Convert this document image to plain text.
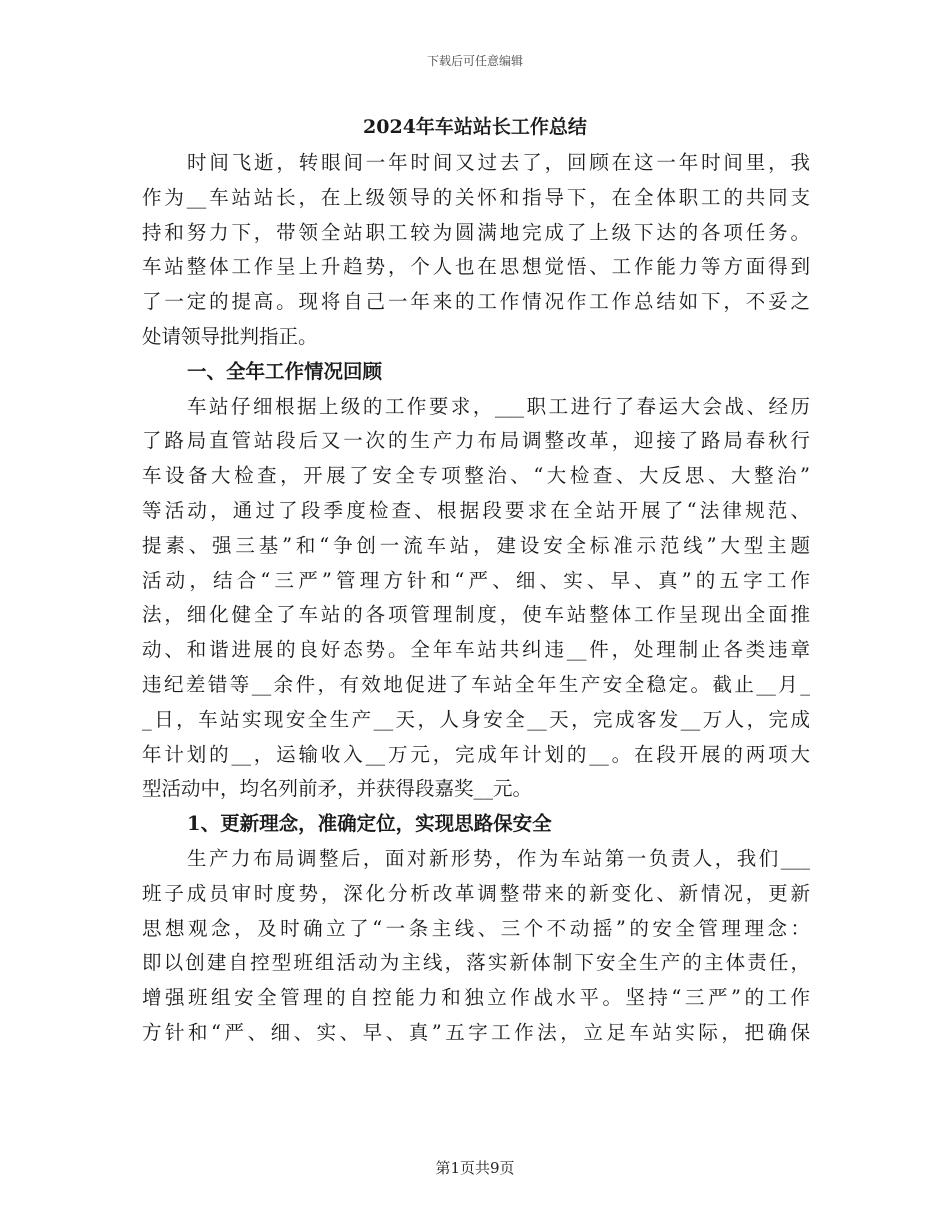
下载后可任意编辑
2024年车站站长工作总结
时间飞逝，转眼间一年时间又过去了，回顾在这一年时间里，我
作为__车站站长，在上级领导的关怀和指导下，在全体职工的共同支
持和努力下，带领全站职工较为圆满地完成了上级下达的各项任务。
车站整体工作呈上升趋势，个人也在思想觉悟、工作能力等方面得到
了一定的提高。现将自己一年来的工作情况作工作总结如下，不妥之
处请领导批判指正。
一、全年工作情况回顾
车站仔细根据上级的工作要求，___职工进行了春运大会战、经历
了路局直管站段后又一次的生产力布局调整改革，迎接了路局春秋行
车设备大检查，开展了安全专项整治、“大检查、大反思、大整治”
等活动，通过了段季度检查、根据段要求在全站开展了“法律规范、
提素、强三基”和“争创一流车站，建设安全标准示范线”大型主题
活动，结合“三严”管理方针和“严、细、实、早、真”的五字工作
法，细化健全了车站的各项管理制度，使车站整体工作呈现出全面推
动、和谐进展的良好态势。全年车站共纠违__件，处理制止各类违章
违纪差错等__余件，有效地促进了车站全年生产安全稳定。截止__月_
_日，车站实现安全生产__天，人身安全__天，完成客发__万人，完成
年计划的__，运输收入__万元，完成年计划的__。在段开展的两项大
型活动中，均名列前矛，并获得段嘉奖__元。
1、更新理念，准确定位，实现思路保安全
生产力布局调整后，面对新形势，作为车站第一负责人，我们___
班子成员审时度势，深化分析改革调整带来的新变化、新情况，更新
思想观念，及时确立了“一条主线、三个不动摇”的安全管理理念：
即以创建自控型班组活动为主线，落实新体制下安全生产的主体责任，
增强班组安全管理的自控能力和独立作战水平。坚持“三严”的工作
方针和“严、细、实、早、真”五字工作法，立足车站实际，把确保
第1页共9页
